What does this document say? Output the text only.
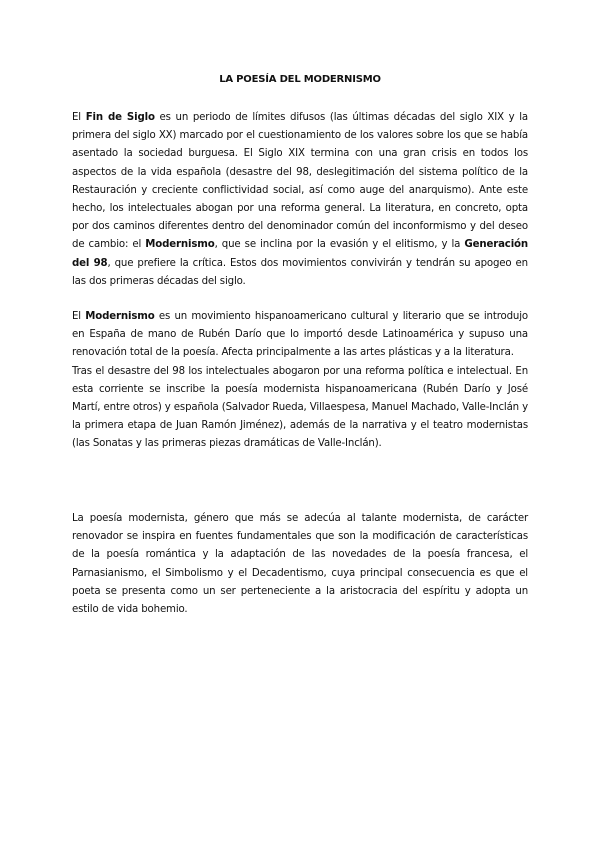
LA POESÍA DEL MODERNISMO
El Fin de Siglo es un periodo de límites difusos (las últimas décadas del siglo XIX y la primera del siglo XX) marcado por el cuestionamiento de los valores sobre los que se había asentado la sociedad burguesa. El Siglo XIX termina con una gran crisis en todos los aspectos de la vida española (desastre del 98, deslegitimación del sistema político de la Restauración y creciente conflictividad social, así como auge del anarquismo). Ante este hecho, los intelectuales abogan por una reforma general. La literatura, en concreto, opta por dos caminos diferentes dentro del denominador común del inconformismo y del deseo de cambio: el Modernismo, que se inclina por la evasión y el elitismo, y la Generación del 98, que prefiere la crítica. Estos dos movimientos convivirán y tendrán su apogeo en las dos primeras décadas del siglo.
El Modernismo es un movimiento hispanoamericano cultural y literario que se introdujo en España de mano de Rubén Darío que lo importó desde Latinoamérica y supuso una renovación total de la poesía. Afecta principalmente a las artes plásticas y a la literatura.
Tras el desastre del 98 los intelectuales abogaron por una reforma política e intelectual. En esta corriente se inscribe la poesía modernista hispanoamericana (Rubén Darío y José Martí, entre otros) y española (Salvador Rueda, Villaespesa, Manuel Machado, Valle-Inclán y la primera etapa de Juan Ramón Jiménez), además de la narrativa y el teatro modernistas (las Sonatas y las primeras piezas dramáticas de Valle-Inclán).
La poesía modernista, género que más se adecúa al talante modernista, de carácter renovador se inspira en fuentes fundamentales que son la modificación de características de la poesía romántica y la adaptación de las novedades de la poesía francesa, el Parnasianismo, el Simbolismo y el Decadentismo, cuya principal consecuencia es que el poeta se presenta como un ser perteneciente a la aristocracia del espíritu y adopta un estilo de vida bohemio.
